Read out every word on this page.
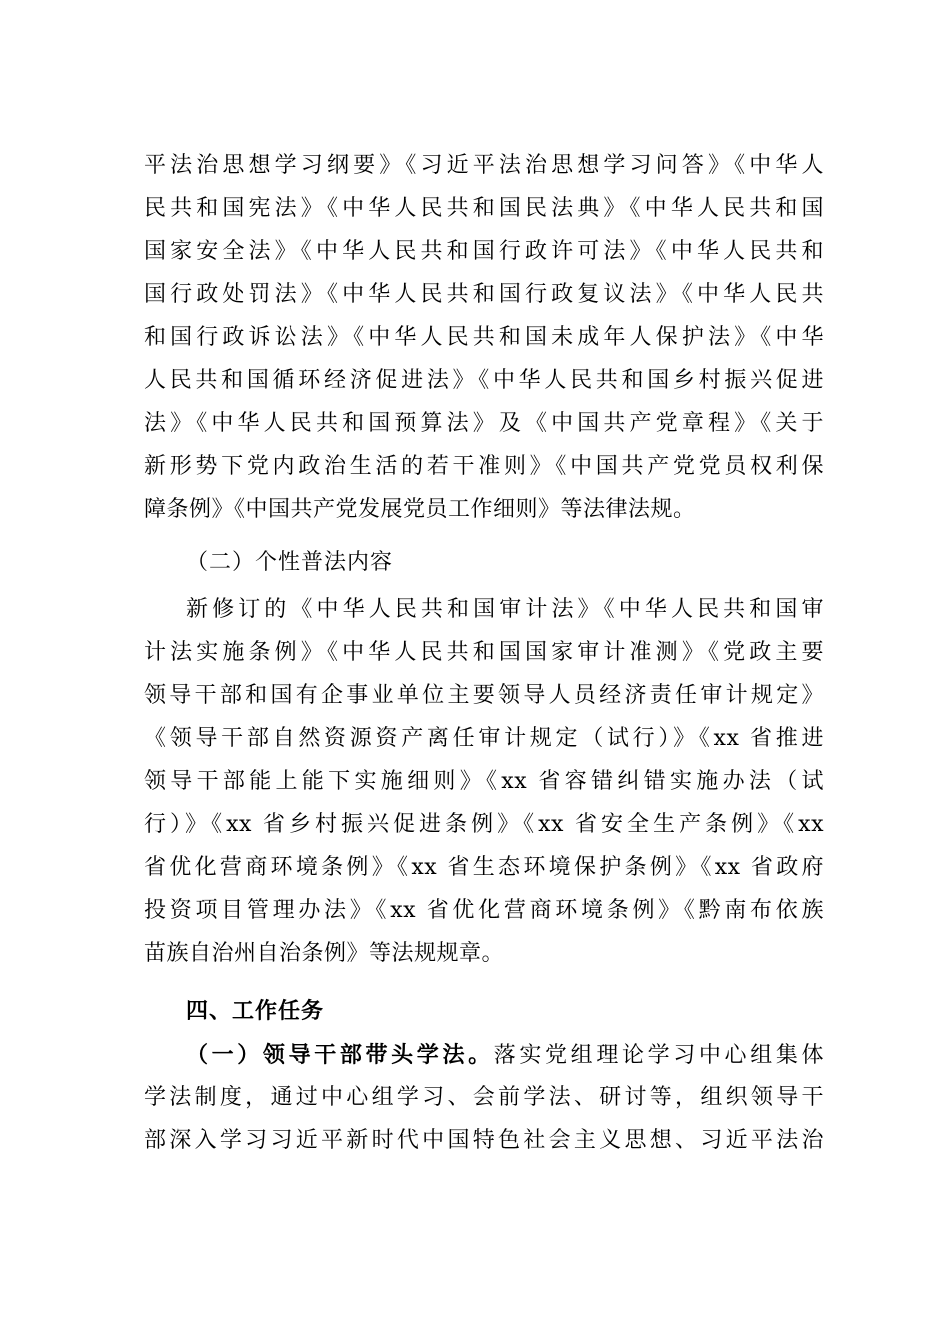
平法治思想学习纲要》《习近平法治思想学习问答》《中华人
民共和国宪法》《中华人民共和国民法典》《中华人民共和国
国家安全法》《中华人民共和国行政许可法》《中华人民共和
国行政处罚法》《中华人民共和国行政复议法》《中华人民共
和国行政诉讼法》《中华人民共和国未成年人保护法》《中华
人民共和国循环经济促进法》《中华人民共和国乡村振兴促进
法》《中华人民共和国预算法》及《中国共产党章程》《关于
新形势下党内政治生活的若干准则》《中国共产党党员权利保
障条例》《中国共产党发展党员工作细则》等法律法规。
（二）个性普法内容
新修订的《中华人民共和国审计法》《中华人民共和国审
计法实施条例》《中华人民共和国国家审计准测》《党政主要
领导干部和国有企事业单位主要领导人员经济责任审计规定》
《领导干部自然资源资产离任审计规定（试行）》《xx 省推进
领导干部能上能下实施细则》《xx 省容错纠错实施办法（试
行）》《xx 省乡村振兴促进条例》《xx 省安全生产条例》《xx
省优化营商环境条例》《xx 省生态环境保护条例》《xx 省政府
投资项目管理办法》《xx 省优化营商环境条例》《黔南布依族
苗族自治州自治条例》等法规规章。
四、工作任务
（一）领导干部带头学法。落实党组理论学习中心组集体
学法制度，通过中心组学习、会前学法、研讨等，组织领导干
部深入学习习近平新时代中国特色社会主义思想、习近平法治
